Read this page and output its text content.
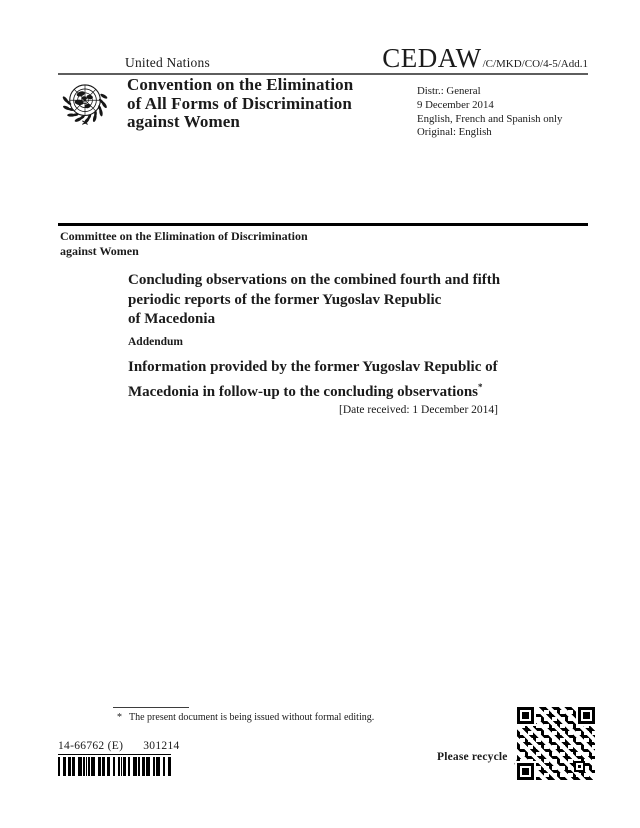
United Nations	CEDAW /C/MKD/CO/4-5/Add.1
Convention on the Elimination
of All Forms of Discrimination
against Women
Distr.: General
9 December 2014
English, French and Spanish only
Original: English
Committee on the Elimination of Discrimination
against Women
Concluding observations on the combined fourth and fifth
periodic reports of the former Yugoslav Republic
of Macedonia
Addendum
Information provided by the former Yugoslav Republic of
Macedonia in follow-up to the concluding observations*
[Date received: 1 December 2014]
* The present document is being issued without formal editing.
14-66762 (E) 301214
Please recycle
